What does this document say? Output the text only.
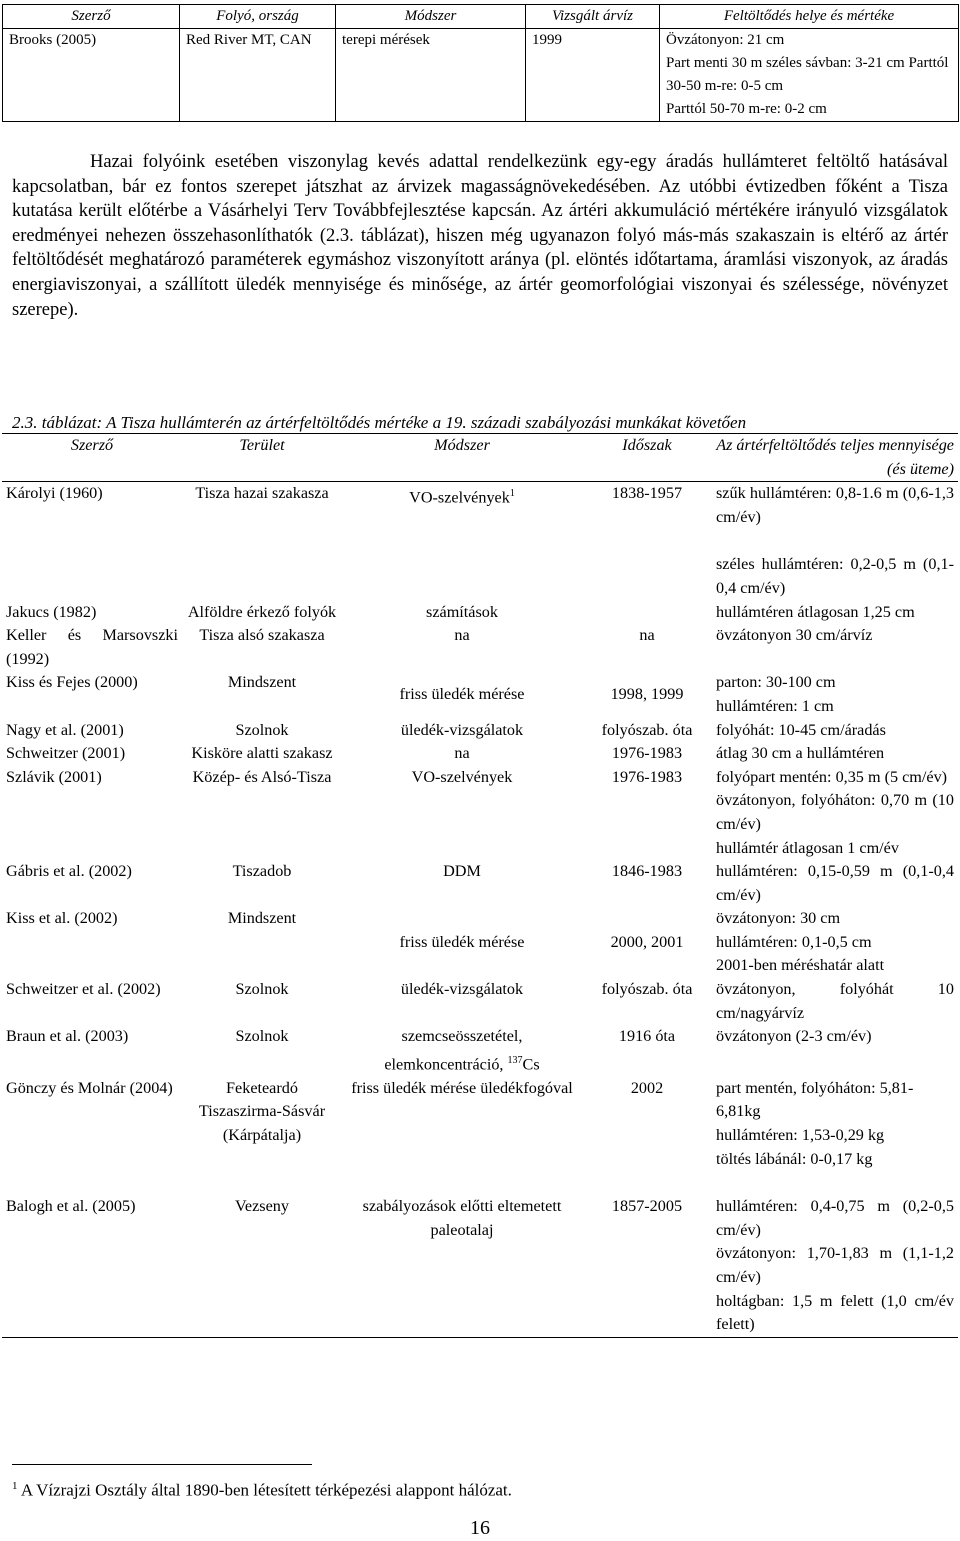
Szerző	Folyó, ország	Módszer	Vizsgált árvíz	Feltöltődés helye és mértéke
Brooks (2005)	Red River MT, CAN	terepi mérések	1999	Övzátonyon: 21 cm
Part menti 30 m széles sávban: 3-21 cm Parttól 30-50 m-re: 0-5 cm
Parttól 50-70 m-re: 0-2 cm

Hazai folyóink esetében viszonylag kevés adattal rendelkezünk egy-egy áradás hullámteret feltöltő hatásával kapcsolatban, bár ez fontos szerepet játszhat az árvizek magasságnövekedésében. Az utóbbi évtizedben főként a Tisza kutatása került előtérbe a Vásárhelyi Terv Továbbfejlesztése kapcsán. Az ártéri akkumuláció mértékére irányuló vizsgálatok eredményei nehezen összehasonlíthatók (2.3. táblázat), hiszen még ugyanazon folyó más-más szakaszain is eltérő az ártér feltöltődését meghatározó paraméterek egymáshoz viszonyított aránya (pl. elöntés időtartama, áramlási viszonyok, az áradás energiaviszonyai, a szállított üledék mennyisége és minősége, az ártér geomorfológiai viszonyai és szélessége, növényzet szerepe).

2.3. táblázat: A Tisza hullámterén az ártérfeltöltődés mértéke a 19. századi szabályozási munkákat követően

Szerző	Terület	Módszer	Időszak	Az ártérfeltöltődés teljes mennyisége (és üteme)
Károlyi (1960)	Tisza hazai szakasza	VO-szelvények$^1$	1838-1957	szűk hullámtéren: 0,8-1.6 m (0,6-1,3 cm/év)
széles hullámtéren: 0,2-0,5 m (0,1-0,4 cm/év)

Jakucs (1982)	Alföldre érkező folyók	számítások		hullámtéren átlagosan 1,25 cm

Keller és Marsovszki (1992)	Tisza alsó szakasza	na	na	övzátonyon 30 cm/árvíz

Kiss és Fejes (2000)	Mindszent	friss üledék mérése	1998, 1999	parton: 30-100 cm
hullámtéren: 1 cm

Nagy et al. (2001)	Szolnok	üledék-vizsgálatok	folyószab. óta	folyóhát: 10-45 cm/áradás

Schweitzer (2001)	Kisköre alatti szakasz	na	1976-1983	átlag 30 cm a hullámtéren

Szlávik (2001)	Közép- és Alsó-Tisza	VO-szelvények	1976-1983	folyópart mentén: 0,35 m (5 cm/év)
övzátonyon, folyóháton: 0,70 m (10 cm/év)
hullámtér átlagosan 1 cm/év

Gábris et al. (2002)	Tiszadob	DDM	1846-1983	hullámtéren: 0,15-0,59 m (0,1-0,4 cm/év)

Kiss et al. (2002)	Mindszent	friss üledék mérése	2000, 2001	övzátonyon: 30 cm
hullámtéren: 0,1-0,5 cm
2001-ben méréshatár alatt

Schweitzer et al. (2002)	Szolnok	üledék-vizsgálatok	folyószab. óta	övzátonyon, folyóhát 10 cm/nagyárvíz

Braun et al. (2003)	Szolnok	szemcseösszetétel, elemkoncentráció, $^{137}$Cs	1916 óta	övzátonyon (2-3 cm/év)

Gönczy és Molnár (2004)	Feketeardó Tiszaszirma-Sásvár (Kárpátalja)	friss üledék mérése üledékfogóval	2002	part mentén, folyóháton: 5,81- 6,81kg
hullámtéren: 1,53-0,29 kg
töltés lábánál: 0-0,17 kg

Balogh et al. (2005)	Vezseny	szabályozások előtti eltemetett paleotalaj	1857-2005	hullámtéren: 0,4-0,75 m (0,2-0,5 cm/év)
övzátonyon: 1,70-1,83 m (1,1-1,2 cm/év)
holtágban: 1,5 m felett (1,0 cm/év felett)

$^1$ A Vízrajzi Osztály által 1890-ben létesített térképezési alappont hálózat.

16
